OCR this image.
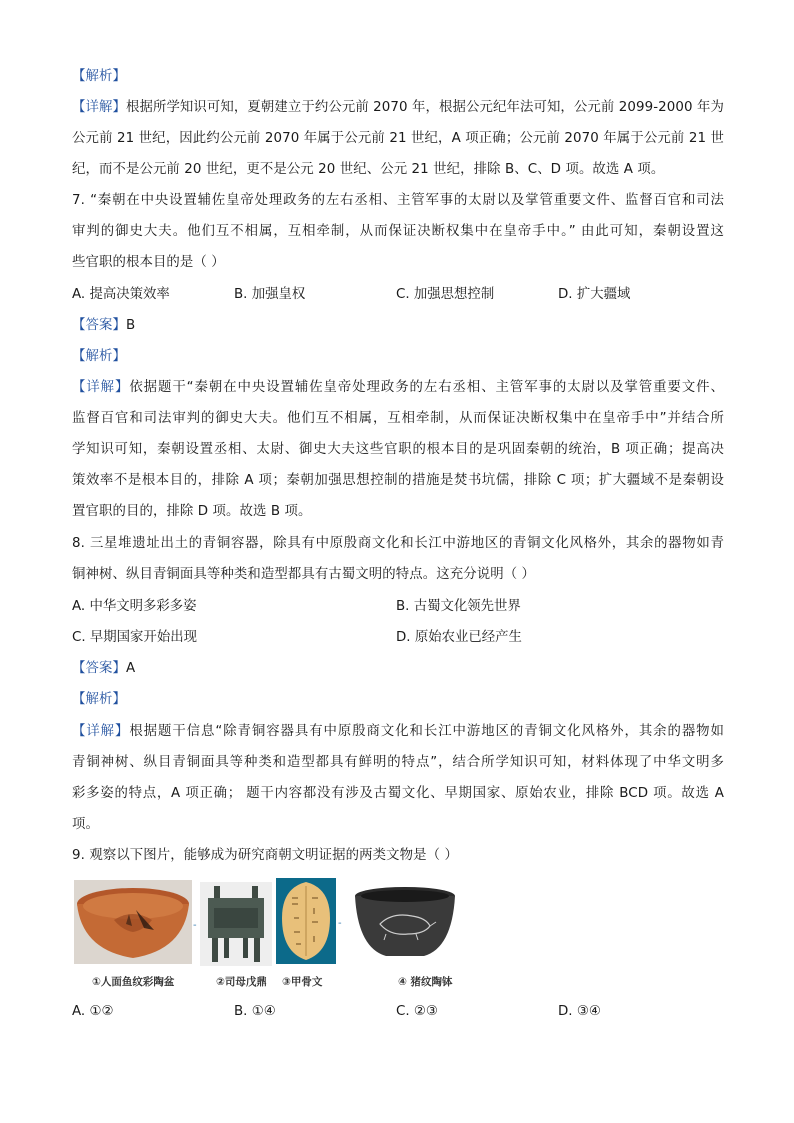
【解析】
【详解】根据所学知识可知，夏朝建立于约公元前 2070 年，根据公元纪年法可知，公元前 2099-2000 年为
公元前 21 世纪，因此约公元前 2070 年属于公元前 21 世纪，A 项正确；公元前 2070 年属于公元前 21 世
纪，而不是公元前 20 世纪，更不是公元 20 世纪、公元 21 世纪，排除 B、C、D 项。故选 A 项。
7. “秦朝在中央设置辅佐皇帝处理政务的左右丞相、主管军事的太尉以及掌管重要文件、监督百官和司法
审判的御史大夫。他们互不相属，互相牵制，从而保证决断权集中在皇帝手中。” 由此可知，秦朝设置这
些官职的根本目的是（ ）
A. 提高决策效率	B. 加强皇权	C. 加强思想控制	D. 扩大疆域
【答案】B
【解析】
【详解】依据题干“秦朝在中央设置辅佐皇帝处理政务的左右丞相、主管军事的太尉以及掌管重要文件、
监督百官和司法审判的御史大夫。他们互不相属，互相牵制，从而保证决断权集中在皇帝手中”并结合所
学知识可知，秦朝设置丞相、太尉、御史大夫这些官职的根本目的是巩固秦朝的统治，B 项正确；提高决
策效率不是根本目的，排除 A 项；秦朝加强思想控制的措施是焚书坑儒，排除 C 项；扩大疆域不是秦朝设
置官职的目的，排除 D 项。故选 B 项。
8. 三星堆遗址出土的青铜容器，除具有中原殷商文化和长江中游地区的青铜文化风格外，其余的器物如青
铜神树、纵目青铜面具等种类和造型都具有古蜀文明的特点。这充分说明（ ）
A. 中华文明多彩多姿	B. 古蜀文化领先世界
C. 早期国家开始出现	D. 原始农业已经产生
【答案】A
【解析】
【详解】根据题干信息“除青铜容器具有中原殷商文化和长江中游地区的青铜文化风格外，其余的器物如
青铜神树、纵目青铜面具等种类和造型都具有鲜明的特点”，结合所学知识可知，材料体现了中华文明多
彩多姿的特点，A 项正确； 题干内容都没有涉及古蜀文化、早期国家、原始农业，排除 BCD 项。故选 A
项。
9. 观察以下图片，能够成为研究商朝文明证据的两类文物是（ ）
-	-
①人面鱼纹彩陶盆	②司母戊鼎 ③甲骨文	④ 猪纹陶钵
A. ①②	B. ①④	C. ②③	D. ③④
